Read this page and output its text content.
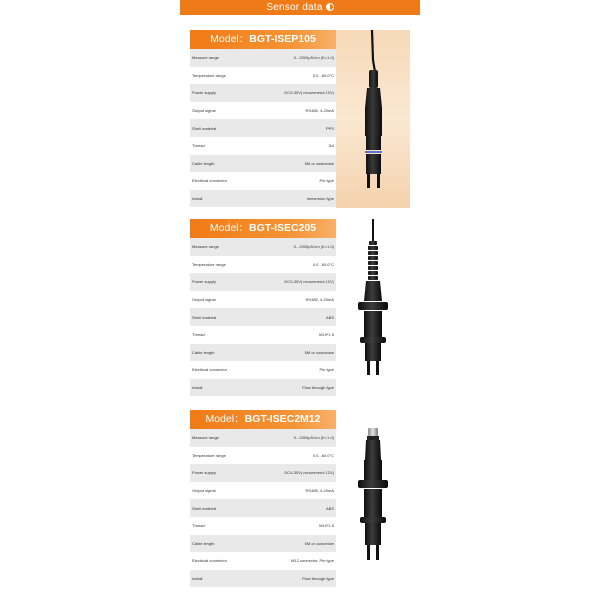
Sensor data
Model：BGT-ISEP105
Measure range	0...2000μS/cm (K=1.0)
Temperature range	0.0...60.0°C
Power supply	DC9-30V( recommend 12V)
Output signal	RS485, 4-20mA
Shell material	PPS
Thread	3/4
Cable length	5M or customize
Electrical connector	Pin type
Install	Immersion type
Model：BGT-ISEC205
Measure range	0...2000μS/cm (K=1.0)
Temperature range	0.0...60.0°C
Power supply	DC9-30V( recommend 12V)
Output signal	RS485, 4-20mA
Shell material	ABS
Thread	M19*1.5
Cable length	5M or customize
Electrical connector	Pin type
Install	Flow through type
Model：BGT-ISEC2M12
Measure range	0...2000μS/cm (K=1.0)
Temperature range	0.0...60.0°C
Power supply	DC9-30V( recommend 12V)
Output signal	RS485, 4-20mA
Shell material	ABS
Thread	M19*1.5
Cable length	5M or customize
Electrical connector	M12 connector, Pin type
Install	Flow through type
